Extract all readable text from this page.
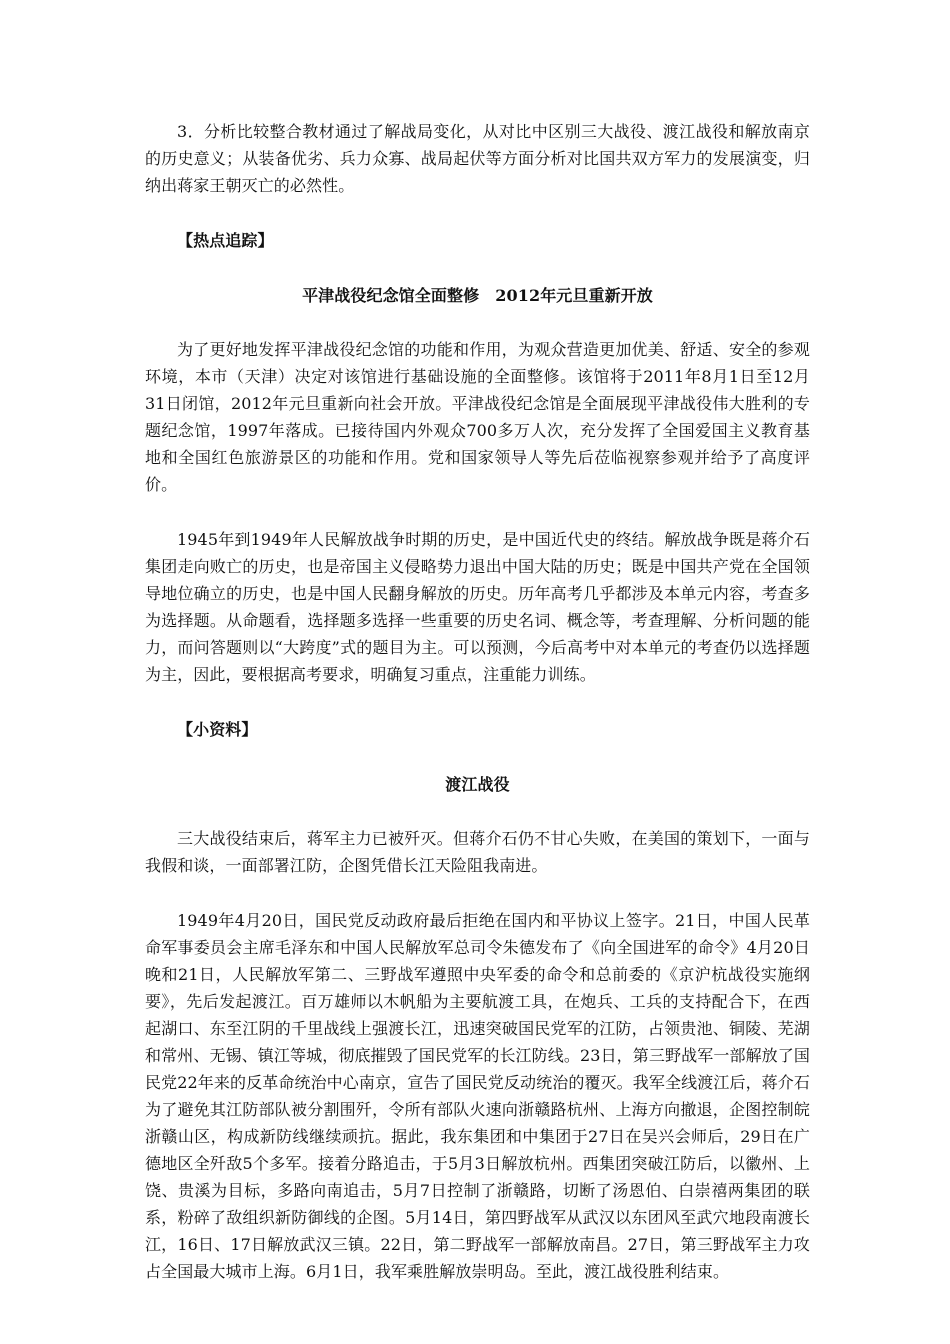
3．分析比较整合教材通过了解战局变化，从对比中区别三大战役、渡江战役和解放南京的历史意义；从装备优劣、兵力众寡、战局起伏等方面分析对比国共双方军力的发展演变，归纳出蒋家王朝灭亡的必然性。

【热点追踪】

平津战役纪念馆全面整修　2012年元旦重新开放

为了更好地发挥平津战役纪念馆的功能和作用，为观众营造更加优美、舒适、安全的参观环境，本市（天津）决定对该馆进行基础设施的全面整修。该馆将于2011年8月1日至12月31日闭馆，2012年元旦重新向社会开放。平津战役纪念馆是全面展现平津战役伟大胜利的专题纪念馆，1997年落成。已接待国内外观众700多万人次，充分发挥了全国爱国主义教育基地和全国红色旅游景区的功能和作用。党和国家领导人等先后莅临视察参观并给予了高度评价。

1945年到1949年人民解放战争时期的历史，是中国近代史的终结。解放战争既是蒋介石集团走向败亡的历史，也是帝国主义侵略势力退出中国大陆的历史；既是中国共产党在全国领导地位确立的历史，也是中国人民翻身解放的历史。历年高考几乎都涉及本单元内容，考查多为选择题。从命题看，选择题多选择一些重要的历史名词、概念等，考查理解、分析问题的能力，而问答题则以“大跨度”式的题目为主。可以预测，今后高考中对本单元的考查仍以选择题为主，因此，要根据高考要求，明确复习重点，注重能力训练。

【小资料】

渡江战役

三大战役结束后，蒋军主力已被歼灭。但蒋介石仍不甘心失败，在美国的策划下，一面与我假和谈，一面部署江防，企图凭借长江天险阻我南进。

1949年4月20日，国民党反动政府最后拒绝在国内和平协议上签字。21日，中国人民革命军事委员会主席毛泽东和中国人民解放军总司令朱德发布了《向全国进军的命令》4月20日晚和21日，人民解放军第二、三野战军遵照中央军委的命令和总前委的《京沪杭战役实施纲要》，先后发起渡江。百万雄师以木帆船为主要航渡工具，在炮兵、工兵的支持配合下，在西起湖口、东至江阴的千里战线上强渡长江，迅速突破国民党军的江防，占领贵池、铜陵、芜湖和常州、无锡、镇江等城，彻底摧毁了国民党军的长江防线。23日，第三野战军一部解放了国民党22年来的反革命统治中心南京，宣告了国民党反动统治的覆灭。我军全线渡江后，蒋介石为了避免其江防部队被分割围歼，令所有部队火速向浙赣路杭州、上海方向撤退，企图控制皖浙赣山区，构成新防线继续顽抗。据此，我东集团和中集团于27日在吴兴会师后，29日在广德地区全歼敌5个多军。接着分路追击，于5月3日解放杭州。西集团突破江防后，以徽州、上饶、贵溪为目标，多路向南追击，5月7日控制了浙赣路，切断了汤恩伯、白崇禧两集团的联系，粉碎了敌组织新防御线的企图。5月14日，第四野战军从武汉以东团风至武穴地段南渡长江，16日、17日解放武汉三镇。22日，第二野战军一部解放南昌。27日，第三野战军主力攻占全国最大城市上海。6月1日，我军乘胜解放崇明岛。至此，渡江战役胜利结束。
